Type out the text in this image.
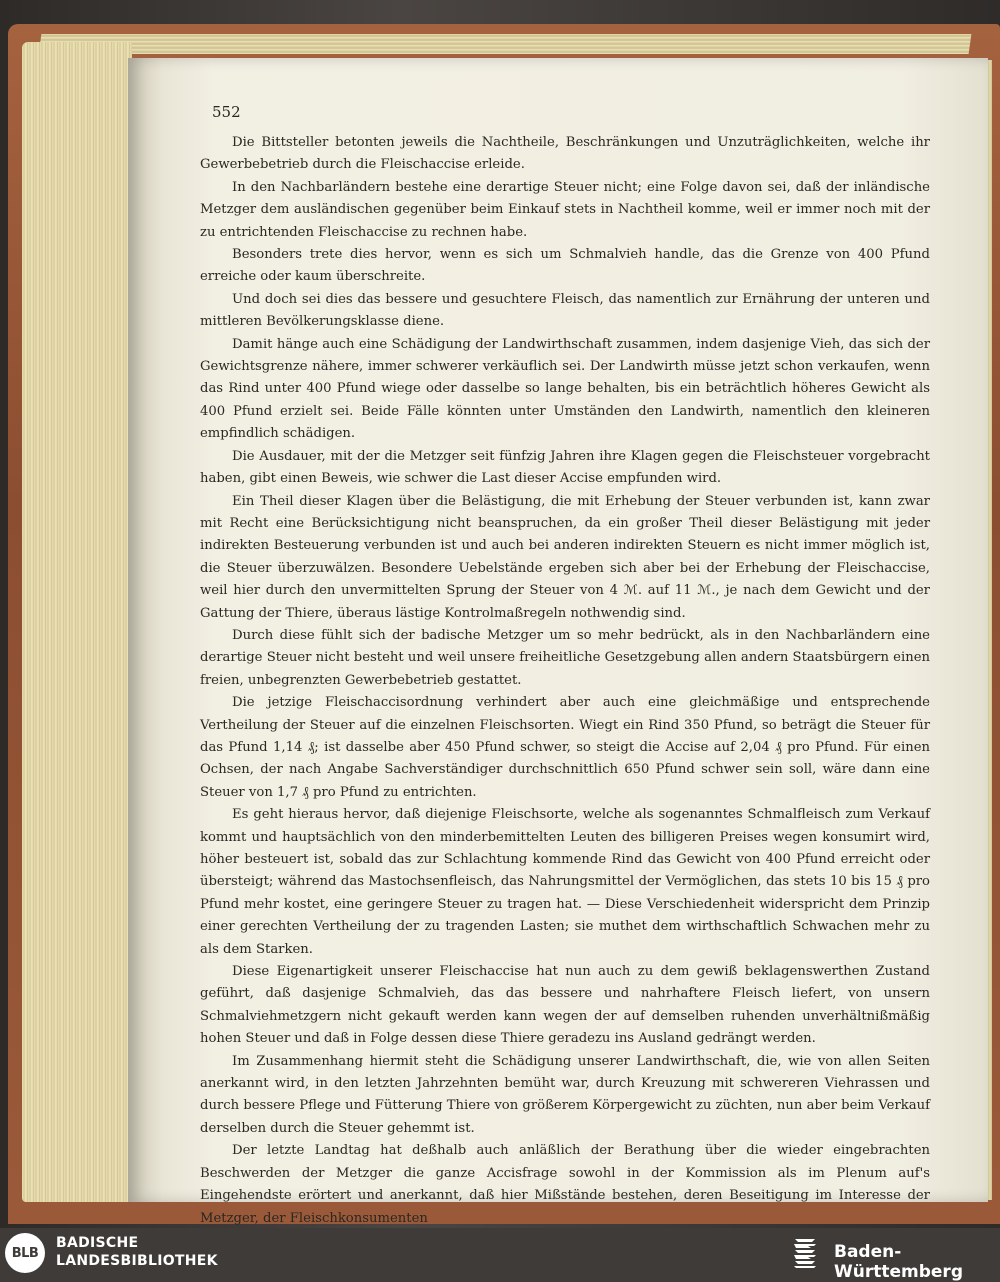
552

Die Bittsteller betonten jeweils die Nachtheile, Beschränkungen und Unzuträglichkeiten, welche ihr Gewerbebetrieb durch die Fleischaccise erleide.

In den Nachbarländern bestehe eine derartige Steuer nicht; eine Folge davon sei, daß der inländische Metzger dem ausländischen gegenüber beim Einkauf stets in Nachtheil komme, weil er immer noch mit der zu entrichtenden Fleischaccise zu rechnen habe.

Besonders trete dies hervor, wenn es sich um Schmalvieh handle, das die Grenze von 400 Pfund erreiche oder kaum überschreite.

Und doch sei dies das bessere und gesuchtere Fleisch, das namentlich zur Ernährung der unteren und mittleren Bevölkerungsklasse diene.

Damit hänge auch eine Schädigung der Landwirthschaft zusammen, indem dasjenige Vieh, das sich der Gewichtsgrenze nähere, immer schwerer verkäuflich sei. Der Landwirth müsse jetzt schon verkaufen, wenn das Rind unter 400 Pfund wiege oder dasselbe so lange behalten, bis ein beträchtlich höheres Gewicht als 400 Pfund erzielt sei. Beide Fälle könnten unter Umständen den Landwirth, namentlich den kleineren empfindlich schädigen.

Die Ausdauer, mit der die Metzger seit fünfzig Jahren ihre Klagen gegen die Fleischsteuer vorgebracht haben, gibt einen Beweis, wie schwer die Last dieser Accise empfunden wird.

Ein Theil dieser Klagen über die Belästigung, die mit Erhebung der Steuer verbunden ist, kann zwar mit Recht eine Berücksichtigung nicht beanspruchen, da ein großer Theil dieser Belästigung mit jeder indirekten Besteuerung verbunden ist und auch bei anderen indirekten Steuern es nicht immer möglich ist, die Steuer überzuwälzen. Besondere Uebelstände ergeben sich aber bei der Erhebung der Fleischaccise, weil hier durch den unvermittelten Sprung der Steuer von 4 ℳ. auf 11 ℳ., je nach dem Gewicht und der Gattung der Thiere, überaus lästige Kontrolmaßregeln nothwendig sind.

Durch diese fühlt sich der badische Metzger um so mehr bedrückt, als in den Nachbarländern eine derartige Steuer nicht besteht und weil unsere freiheitliche Gesetzgebung allen andern Staatsbürgern einen freien, unbegrenzten Gewerbebetrieb gestattet.

Die jetzige Fleischaccisordnung verhindert aber auch eine gleichmäßige und entsprechende Vertheilung der Steuer auf die einzelnen Fleischsorten. Wiegt ein Rind 350 Pfund, so beträgt die Steuer für das Pfund 1,14 ₰; ist dasselbe aber 450 Pfund schwer, so steigt die Accise auf 2,04 ₰ pro Pfund. Für einen Ochsen, der nach Angabe Sachverständiger durchschnittlich 650 Pfund schwer sein soll, wäre dann eine Steuer von 1,7 ₰ pro Pfund zu entrichten.

Es geht hieraus hervor, daß diejenige Fleischsorte, welche als sogenanntes Schmalfleisch zum Verkauf kommt und hauptsächlich von den minderbemittelten Leuten des billigeren Preises wegen konsumirt wird, höher besteuert ist, sobald das zur Schlachtung kommende Rind das Gewicht von 400 Pfund erreicht oder übersteigt; während das Mastochsenfleisch, das Nahrungsmittel der Vermöglichen, das stets 10 bis 15 ₰ pro Pfund mehr kostet, eine geringere Steuer zu tragen hat. — Diese Verschiedenheit widerspricht dem Prinzip einer gerechten Vertheilung der zu tragenden Lasten; sie muthet dem wirthschaftlich Schwachen mehr zu als dem Starken.

Diese Eigenartigkeit unserer Fleischaccise hat nun auch zu dem gewiß beklagenswerthen Zustand geführt, daß dasjenige Schmalvieh, das das bessere und nahrhaftere Fleisch liefert, von unsern Schmalviehmetzgern nicht gekauft werden kann wegen der auf demselben ruhenden unverhältnißmäßig hohen Steuer und daß in Folge dessen diese Thiere geradezu ins Ausland gedrängt werden.

Im Zusammenhang hiermit steht die Schädigung unserer Landwirthschaft, die, wie von allen Seiten anerkannt wird, in den letzten Jahrzehnten bemüht war, durch Kreuzung mit schwereren Viehrassen und durch bessere Pflege und Fütterung Thiere von größerem Körpergewicht zu züchten, nun aber beim Verkauf derselben durch die Steuer gehemmt ist.

Der letzte Landtag hat deßhalb auch anläßlich der Berathung über die wieder eingebrachten Beschwerden der Metzger die ganze Accisfrage sowohl in der Kommission als im Plenum auf's Eingehendste erörtert und anerkannt, daß hier Mißstände bestehen, deren Beseitigung im Interesse der Metzger, der Fleischkonsumenten

BLB
BADISCHE
LANDESBIBLIOTHEK	Baden-Württemberg
